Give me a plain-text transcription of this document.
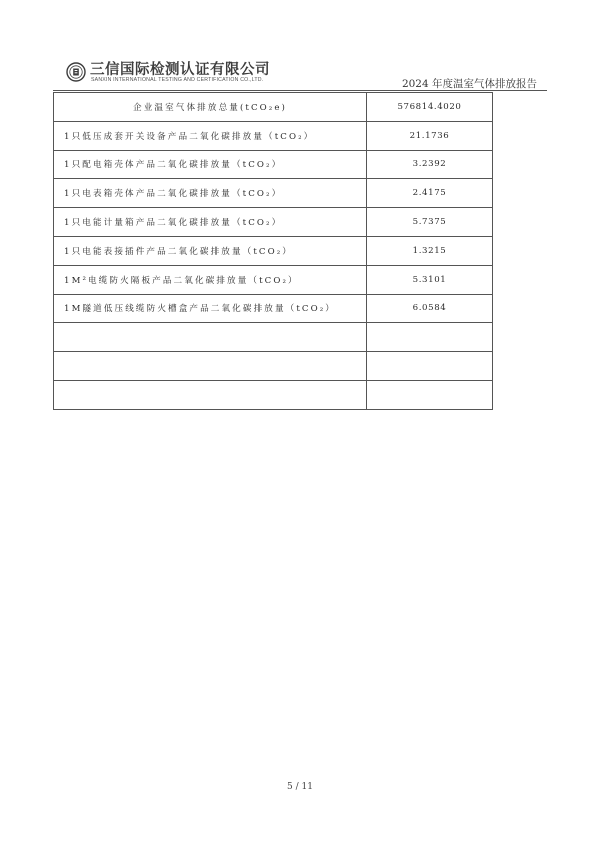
三信国际检测认证有限公司
SANXIN INTERNATIONAL TESTING AND CERTIFICATION CO.,LTD.	2024 年度温室气体排放报告
企业温室气体排放总量(tCO₂e)	576814.4020
1只低压成套开关设备产品二氧化碳排放量（tCO₂）	21.1736
1只配电箱壳体产品二氧化碳排放量（tCO₂）	3.2392
1只电表箱壳体产品二氧化碳排放量（tCO₂）	2.4175
1只电能计量箱产品二氧化碳排放量（tCO₂）	5.7375
1只电能表接插件产品二氧化碳排放量（tCO₂）	1.3215
1M²电缆防火隔板产品二氧化碳排放量（tCO₂）	5.3101
1M隧道低压线缆防火槽盒产品二氧化碳排放量（tCO₂）	6.0584

5 / 11
